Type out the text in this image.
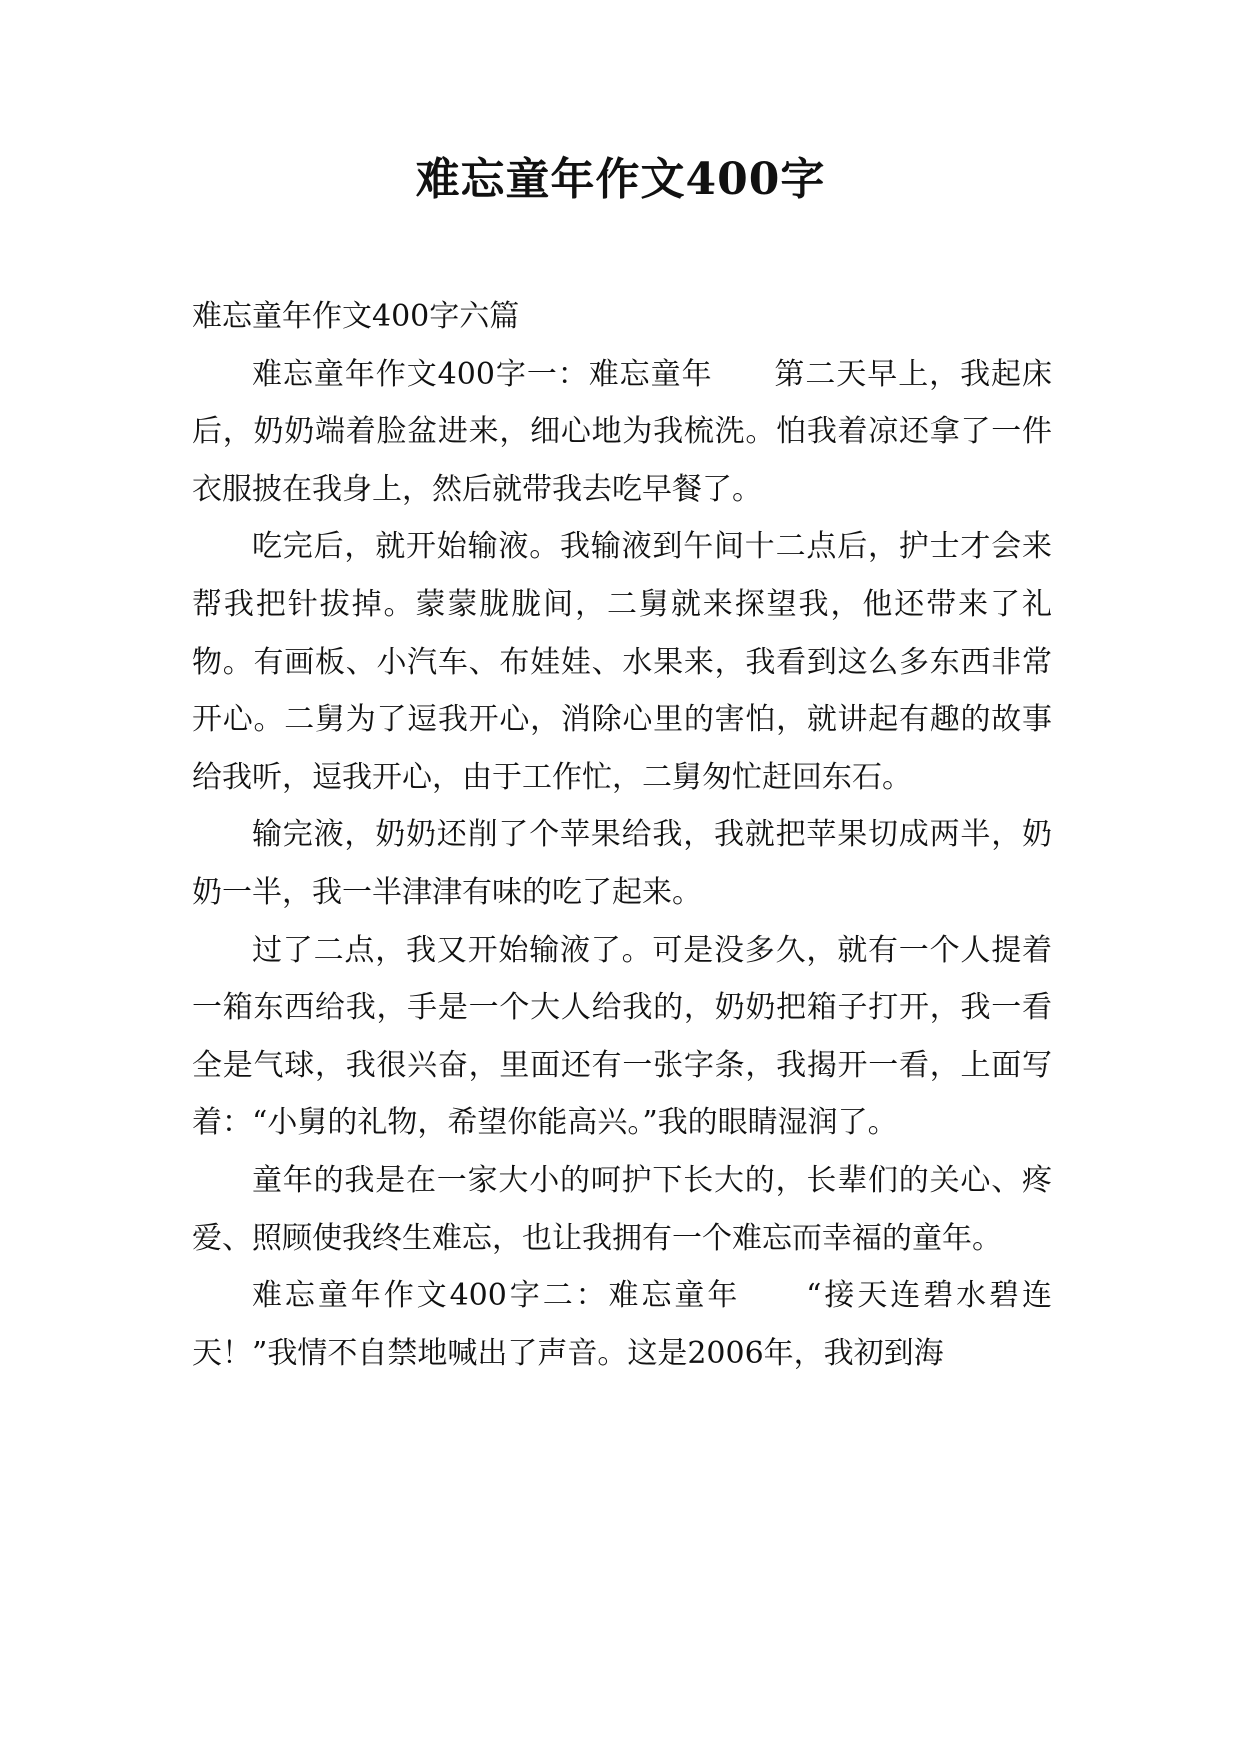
难忘童年作文400字

难忘童年作文400字六篇

难忘童年作文400字一：难忘童年　　第二天早上，我起床后，奶奶端着脸盆进来，细心地为我梳洗。怕我着凉还拿了一件衣服披在我身上，然后就带我去吃早餐了。

吃完后，就开始输液。我输液到午间十二点后，护士才会来帮我把针拔掉。蒙蒙胧胧间，二舅就来探望我，他还带来了礼物。有画板、小汽车、布娃娃、水果来，我看到这么多东西非常开心。二舅为了逗我开心，消除心里的害怕，就讲起有趣的故事给我听，逗我开心，由于工作忙，二舅匆忙赶回东石。

输完液，奶奶还削了个苹果给我，我就把苹果切成两半，奶奶一半，我一半津津有味的吃了起来。

过了二点，我又开始输液了。可是没多久，就有一个人提着一箱东西给我，手是一个大人给我的，奶奶把箱子打开，我一看全是气球，我很兴奋，里面还有一张字条，我揭开一看，上面写着：“小舅的礼物，希望你能高兴。”我的眼睛湿润了。

童年的我是在一家大小的呵护下长大的，长辈们的关心、疼爱、照顾使我终生难忘，也让我拥有一个难忘而幸福的童年。

难忘童年作文400字二：难忘童年　　“接天连碧水碧连天！”我情不自禁地喊出了声音。这是2006年，我初到海
